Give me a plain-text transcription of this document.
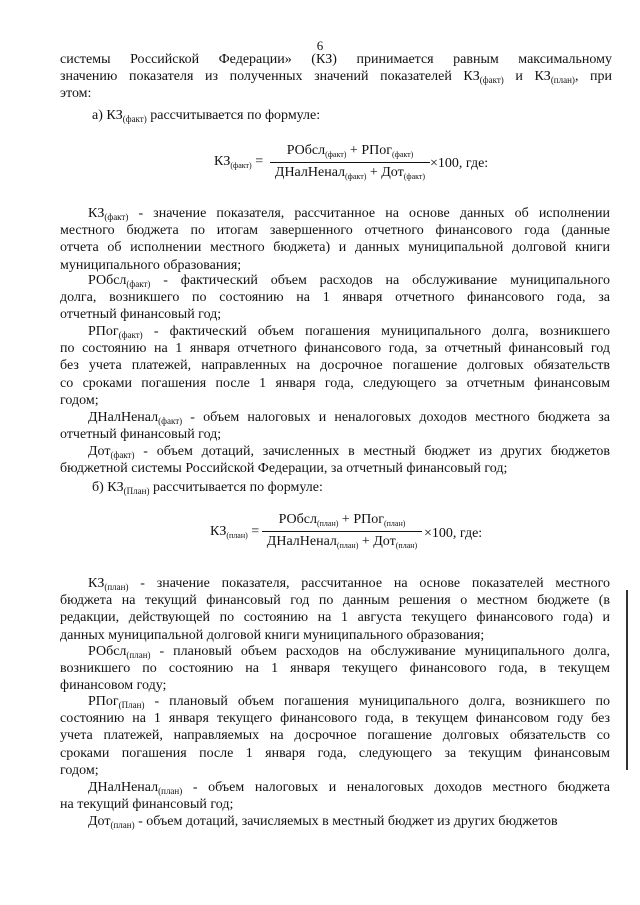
6
системы Российской Федерации» (КЗ) принимается равным максимальному
значению показателя из полученных значений показателей $КЗ_{(факт)}$ и $КЗ_{(план)}$, при
этом:
а) $КЗ_{(факт)}$ рассчитывается по формуле:
$КЗ_{(факт)}$ =
РОбсл$_{(факт)}$ + РПог$_{(факт)}$
ДНалНенал$_{(факт)}$ + Дот$_{(факт)}$
×100, где:
$КЗ_{(факт)}$ - значение показателя, рассчитанное на основе данных об исполнении
местного бюджета по итогам завершенного отчетного финансового года (данные
отчета об исполнении местного бюджета) и данных муниципальной долговой книги
муниципального образования;
РОбсл$_{(факт)}$ - фактический объем расходов на обслуживание муниципального
долга, возникшего по состоянию на 1 января отчетного финансового года, за
отчетный финансовый год;
РПог$_{(факт)}$ - фактический объем погашения муниципального долга, возникшего
по состоянию на 1 января отчетного финансового года, за отчетный финансовый год
без учета платежей, направленных на досрочное погашение долговых обязательств
со сроками погашения после 1 января года, следующего за отчетным финансовым
годом;
ДНалНенал$_{(факт)}$ - объем налоговых и неналоговых доходов местного бюджета за
отчетный финансовый год;
Дот$_{(факт)}$ - объем дотаций, зачисленных в местный бюджет из других бюджетов
бюджетной системы Российской Федерации, за отчетный финансовый год;
б) $КЗ_{(План)}$ рассчитывается по формуле:
$КЗ_{(план)}$ =
РОбсл$_{(план)}$ + РПог$_{(план)}$
ДНалНенал$_{(план)}$ + Дот$_{(план)}$
×100, где:
$КЗ_{(план)}$ - значение показателя, рассчитанное на основе показателей местного
бюджета на текущий финансовый год по данным решения о местном бюджете (в
редакции, действующей по состоянию на 1 августа текущего финансового года) и
данных муниципальной долговой книги муниципального образования;
РОбсл$_{(план)}$ - плановый объем расходов на обслуживание муниципального долга,
возникшего по состоянию на 1 января текущего финансового года, в текущем
финансовом году;
РПог$_{(План)}$ - плановый объем погашения муниципального долга, возникшего по
состоянию на 1 января текущего финансового года, в текущем финансовом году без
учета платежей, направляемых на досрочное погашение долговых обязательств со
сроками погашения после 1 января года, следующего за текущим финансовым
годом;
ДНалНенал$_{(план)}$ - объем налоговых и неналоговых доходов местного бюджета
на текущий финансовый год;
Дот$_{(план)}$ - объем дотаций, зачисляемых в местный бюджет из других бюджетов
